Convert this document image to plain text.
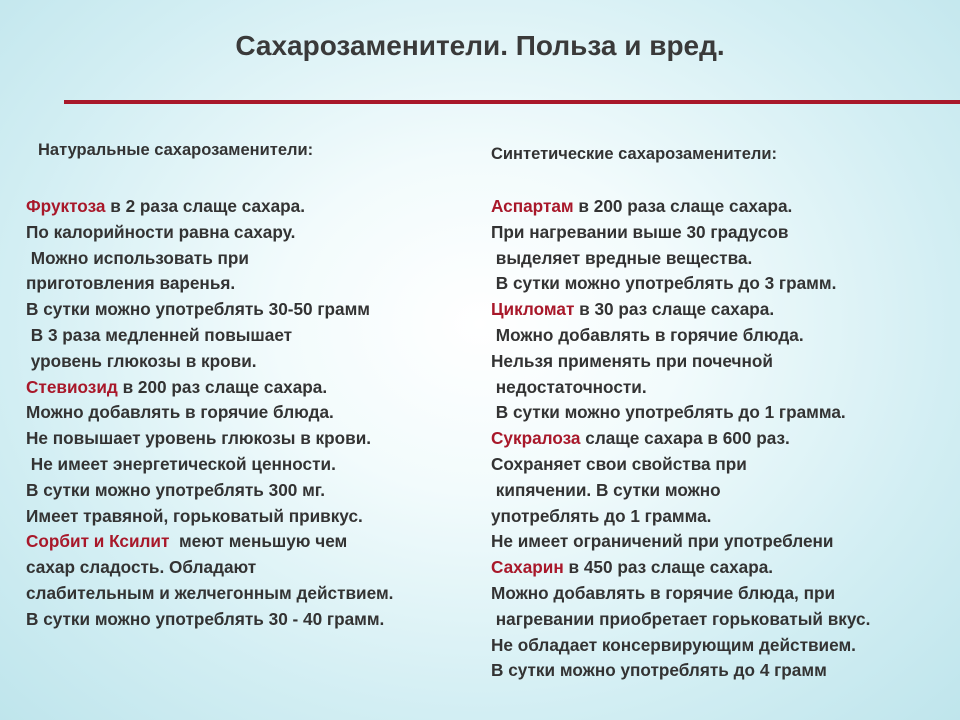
Сахарозаменители. Польза и вред.
Натуральные сахарозаменители:
Фруктоза в 2 раза слаще сахара.
По калорийности равна сахару.
Можно использовать при
приготовления варенья.
В сутки можно употреблять 30-50 грамм
В 3 раза медленней повышает
уровень глюкозы в крови.
Стевиозид в 200 раз слаще сахара.
Можно добавлять в горячие блюда.
Не повышает уровень глюкозы в крови.
Не имеет энергетической ценности.
В сутки можно употреблять 300 мг.
Имеет травяной, горьковатый привкус.
Сорбит и Ксилит  меют меньшую чем
сахар сладость. Обладают
слабительным и желчегонным действием.
В сутки можно употреблять 30 - 40 грамм.
Синтетические сахарозаменители:
Аспартам в 200 раза слаще сахара.
При нагревании выше 30 градусов
выделяет вредные вещества.
В сутки можно употреблять до 3 грамм.
Цикломат в 30 раз слаще сахара.
Можно добавлять в горячие блюда.
Нельзя применять при почечной
недостаточности.
В сутки можно употреблять до 1 грамма.
Сукралоза слаще сахара в 600 раз.
Сохраняет свои свойства при
кипячении. В сутки можно
употреблять до 1 грамма.
Не имеет ограничений при употреблени
Сахарин в 450 раз слаще сахара.
Можно добавлять в горячие блюда, при
нагревании приобретает горьковатый вкус.
Не обладает консервирующим действием.
В сутки можно употреблять до 4 грамм
